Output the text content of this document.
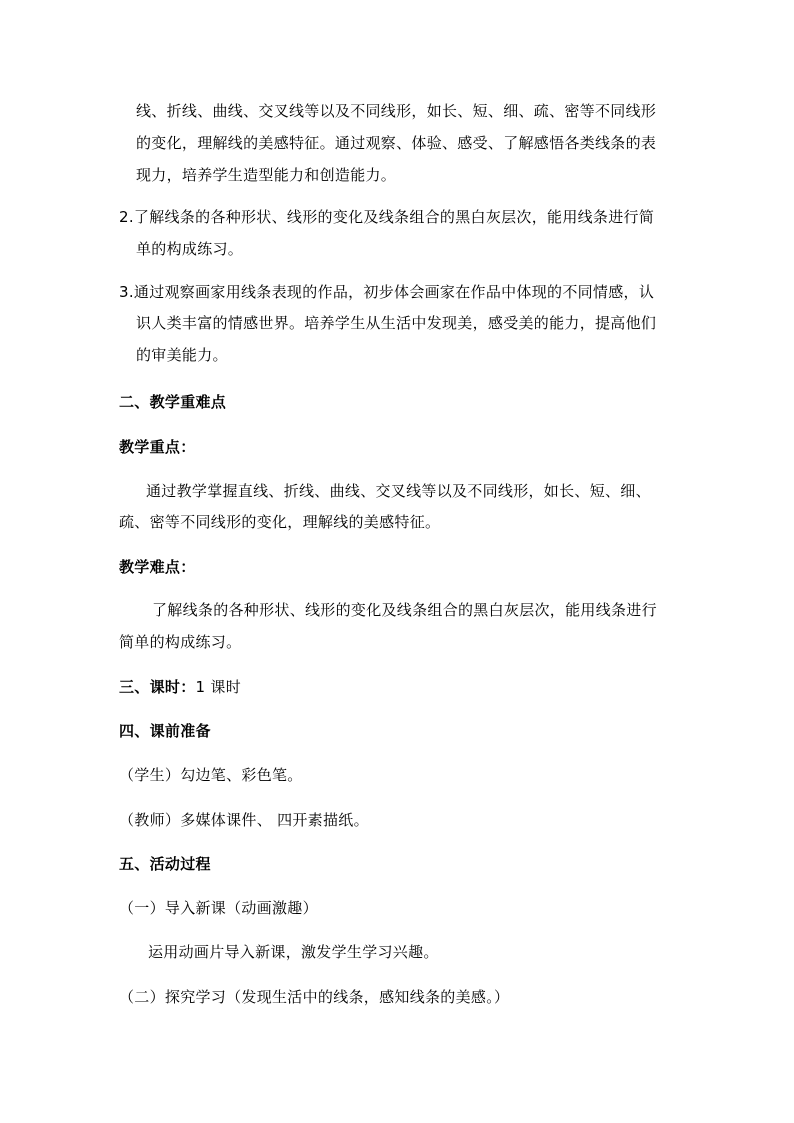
线、折线、曲线、交叉线等以及不同线形，如长、短、细、疏、密等不同线形
的变化，理解线的美感特征。通过观察、体验、感受、了解感悟各类线条的表
现力，培养学生造型能力和创造能力。
2.了解线条的各种形状、线形的变化及线条组合的黑白灰层次，能用线条进行简
单的构成练习。
3.通过观察画家用线条表现的作品，初步体会画家在作品中体现的不同情感，认
识人类丰富的情感世界。培养学生从生活中发现美，感受美的能力，提高他们
的审美能力。
二、教学重难点
教学重点：
通过教学掌握直线、折线、曲线、交叉线等以及不同线形，如长、短、细、
疏、密等不同线形的变化，理解线的美感特征。
教学难点：
了解线条的各种形状、线形的变化及线条组合的黑白灰层次，能用线条进行
简单的构成练习。
三、课时：1 课时
四、课前准备
（学生）勾边笔、彩色笔。
（教师）多媒体课件、 四开素描纸。
五、活动过程
（一）导入新课（动画激趣）
运用动画片导入新课，激发学生学习兴趣。
（二）探究学习（发现生活中的线条，感知线条的美感。）
